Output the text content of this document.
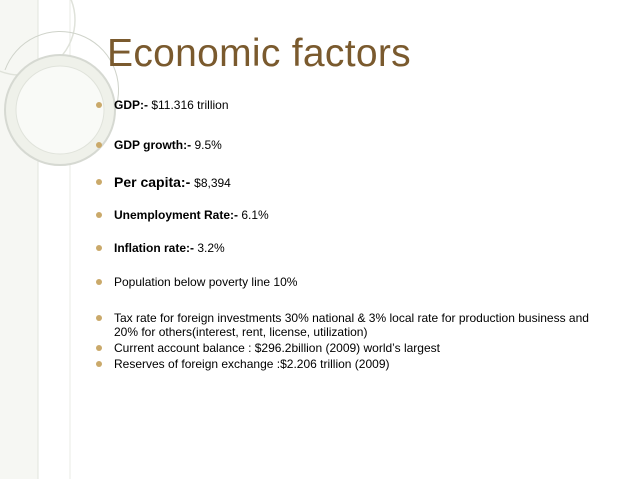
Economic factors
GDP:- $11.316 trillion
GDP growth:- 9.5%
Per capita:- $8,394
Unemployment Rate:- 6.1%
Inflation rate:- 3.2%
Population below poverty line 10%
Tax rate for foreign investments 30% national & 3% local rate for production business and 20% for others(interest, rent, license, utilization)
Current account balance : $296.2billion (2009) world’s largest
Reserves of foreign exchange :$2.206 trillion (2009)
